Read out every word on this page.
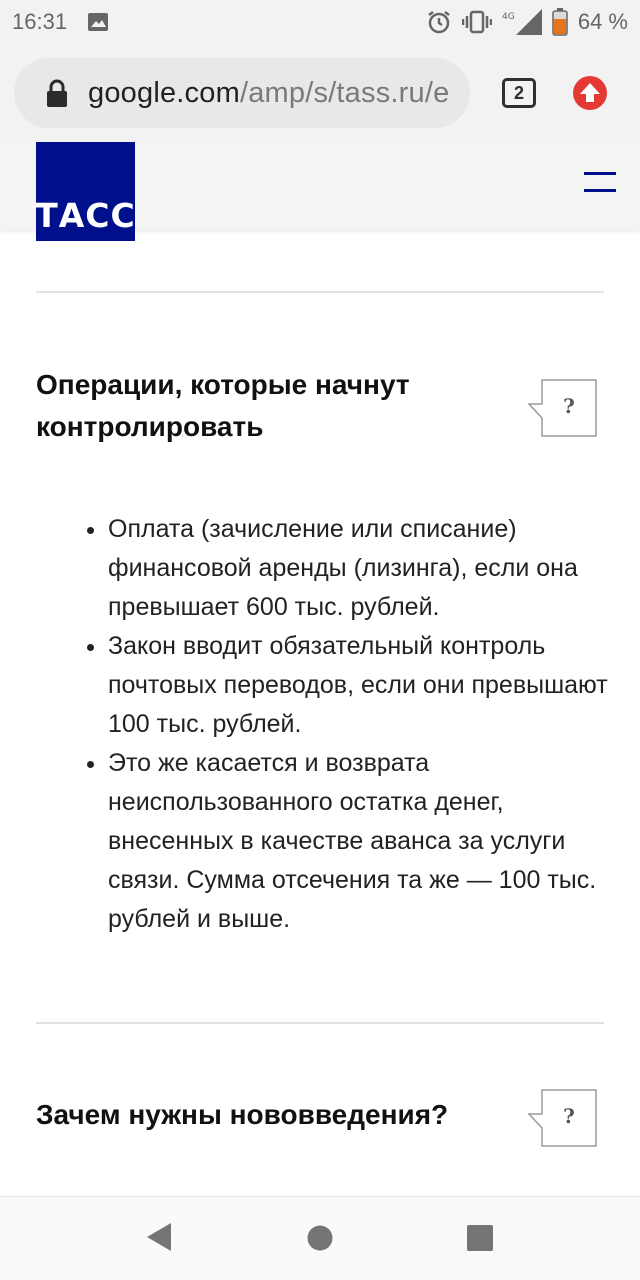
16:31	4G	64 %
google.com/amp/s/tass.ru/e	2
ТАСС
Операции, которые начнут
контролировать
?
• Оплата (зачисление или списание) финансовой аренды (лизинга), если она превышает 600 тыс. рублей.
• Закон вводит обязательный контроль почтовых переводов, если они превышают 100 тыс. рублей.
• Это же касается и возврата неиспользованного остатка денег, внесенных в качестве аванса за услуги связи. Сумма отсечения та же — 100 тыс. рублей и выше.
Зачем нужны нововведения?	?
